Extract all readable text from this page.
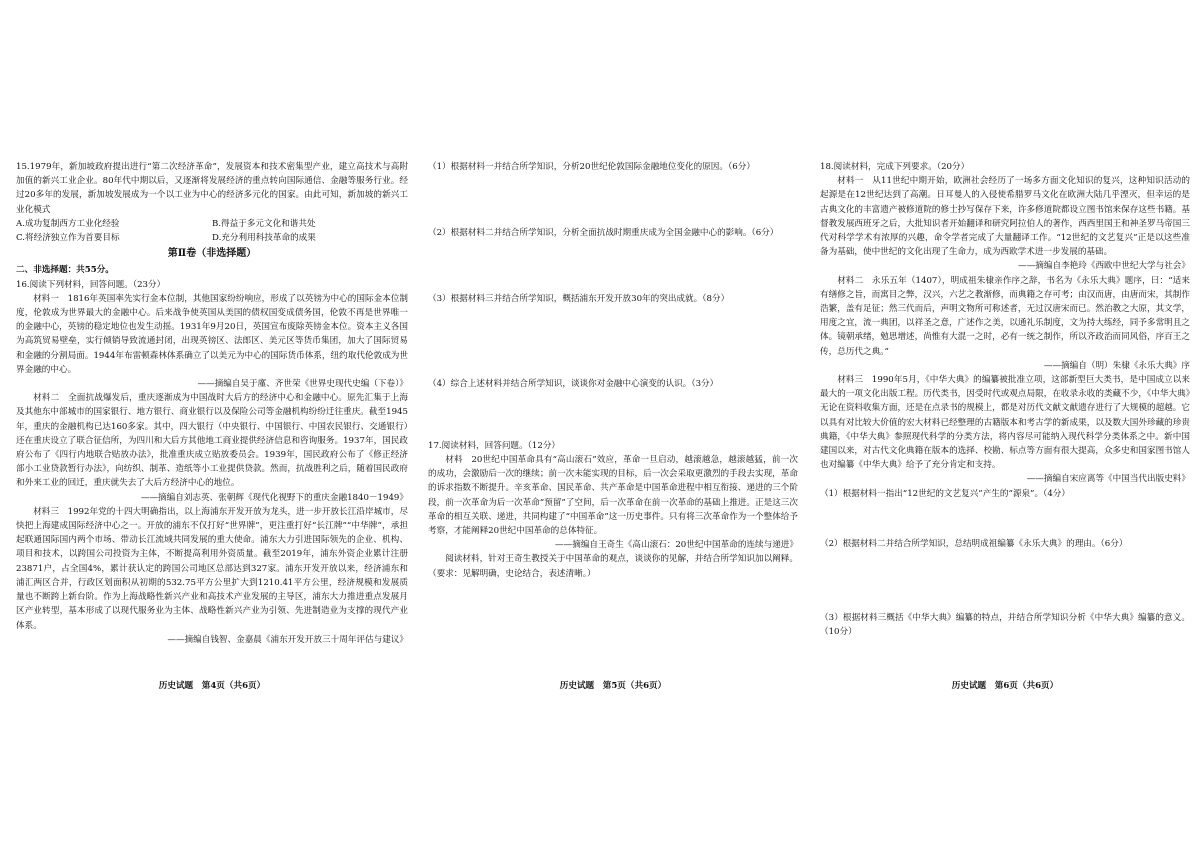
15.1979年，新加坡政府提出进行“第二次经济革命”，发展资本和技术密集型产业，建立高技术与高附加值的新兴工业企业。80年代中期以后，又逐渐将发展经济的重点转向国际通信、金融等服务行业。经过20多年的发展，新加坡发展成为一个以工业为中心的经济多元化的国家。由此可知，新加坡的新兴工业化模式

A.成功复制西方工业化经验	B.得益于多元文化和谐共处
C.将经济独立作为首要目标	D.充分利用科技革命的成果
第Ⅱ卷（非选择题）

二、非选择题：共55分。

16.阅读下列材料，回答问题。（23分）

材料一　1816年英国率先实行金本位制，其他国家纷纷响应，形成了以英镑为中心的国际金本位制度，伦敦成为世界最大的金融中心。后来战争使英国从美国的债权国变成债务国，伦敦不再是世界唯一的金融中心，英镑的稳定地位也发生动摇。1931年9月20日，英国宣布废除英镑金本位。资本主义各国为高筑贸易壁垒，实行倾销导致流通封闭，出现英镑区、法郎区、美元区等货币集团，加大了国际贸易和金融的分割局面。1944年布雷顿森林体系确立了以美元为中心的国际货币体系，纽约取代伦敦成为世界金融的中心。

——摘编自吴于廑、齐世荣《世界史现代史编（下卷）》

材料二　全面抗战爆发后，重庆逐渐成为中国战时大后方的经济中心和金融中心。原先汇集于上海及其他东中部城市的国家银行、地方银行、商业银行以及保险公司等金融机构纷纷迁往重庆。截至1945年，重庆的金融机构已达160多家。其中，四大银行（中央银行、中国银行、中国农民银行、交通银行）还在重庆设立了联合征信所，为四川和大后方其他地工商业提供经济信息和咨询服务。1937年，国民政府公布了《四行内地联合贴放办法》，批准重庆成立贴放委员会。1939年，国民政府公布了《修正经济部小工业贷款暂行办法》，向纺织、制革、造纸等小工业提供贷款。然而，抗战胜利之后，随着国民政府和外来工业的回迁，重庆就失去了大后方经济中心的地位。

——摘编自刘志英、张朝辉《现代化视野下的重庆金融1840－1949》

材料三　1992年党的十四大明确指出，以上海浦东开发开放为龙头，进一步开放长江沿岸城市，尽快把上海建成国际经济中心之一。开放的浦东不仅打好“世界牌”，更注重打好“长江牌”“中华牌”，承担起联通国际国内两个市场、带动长江流域共同发展的重大使命。浦东大力引进国际领先的企业、机构、项目和技术，以跨国公司投资为主体，不断提高利用外资质量。截至2019年，浦东外资企业累计注册23871户，占全国4%，累计获认定的跨国公司地区总部达到327家。浦东开发开放以来，经济浦东和浦汇两区合并，行政区划面积从初期的532.75平方公里扩大到1210.41平方公里，经济规模和发展质量也不断跨上新台阶。作为上海战略性新兴产业和高技术产业发展的主导区，浦东大力推进重点发展月区产业转型，基本形成了以现代服务业为主体、战略性新兴产业为引领、先进制造业为支撑的现代产业体系。

——摘编自钱智、金嘉晨《浦东开发开放三十周年评估与建议》

（1）根据材料一并结合所学知识，分析20世纪伦敦国际金融地位变化的原因。（6分）

（2）根据材料二并结合所学知识，分析全面抗战时期重庆成为全国金融中心的影响。（6分）

（3）根据材料三并结合所学知识，概括浦东开发开放30年的突出成就。（8分）

（4）综合上述材料并结合所学知识，谈谈你对金融中心演变的认识。（3分）

17.阅读材料，回答问题。（12分）

材料　20世纪中国革命具有“高山滚石”效应，革命一旦启动，越滚越急，越滚越猛，前一次的成功，会激励后一次的继续；前一次未能实现的目标，后一次会采取更激烈的手段去实现，革命的诉求指数不断提升。辛亥革命、国民革命、共产革命是中国革命进程中相互衔接、递进的三个阶段，前一次革命为后一次革命“预留”了空间，后一次革命在前一次革命的基础上推进。正是这三次革命的相互关联、递进，共同构建了“中国革命”这一历史事件。只有将三次革命作为一个整体给予考察，才能阐释20世纪中国革命的总体特征。

——摘编自王奇生《高山滚石：20世纪中国革命的连续与递进》

阅读材料，针对王奇生教授关于中国革命的观点，谈谈你的见解，并结合所学知识加以阐释。（要求：见解明确，史论结合，表述清晰。）

18.阅读材料，完成下列要求。（20分）

材料一　从11世纪中期开始，欧洲社会经历了一场多方面文化知识的复兴，这种知识活动的起源是在12世纪达到了高潮。日耳曼人的入侵使希腊罗马文化在欧洲大陆几乎湮灭，但幸运的是古典文化的丰富遗产被修道院的修士抄写保存下来，许多修道院都设立图书馆来保存这些书籍。基督教发展西班牙之后，大批知识者开始翻译和研究阿拉伯人的著作，西西里国王和神圣罗马帝国三代对科学学术有浓厚的兴趣，命令学者完成了大量翻译工作。“12世纪的文艺复兴”正是以这些准备为基础，使中世纪的文化出现了生命力，成为西欧学术进一步发展的基础。

——摘编自李艳玲《西欧中世纪大学与社会》

材料二　永乐五年（1407），明成祖朱棣亲作序之辞，书名为《永乐大典》题序，曰：“适来有缮修之旨，而寓目之弊，汉兴，六艺之教渐修，而典籍之存可考；由汉而唐，由唐而宋，其制作浩繁，盖有足征；然三代而后，声明文物所可称述者，无过汉唐宋而已。然治教之大原，其文学，用度之宜，流一典团，以祥圣之意，广述作之美，以通礼乐制度，文为持大练经，同予多常明且之体。镜朝承绪，勉思增述，尚惟有大混一之时，必有一统之制作，所以齐政治而同风俗，序百王之传，总历代之典。”

——摘编自（明）朱棣《永乐大典》序

材料三　1990年5月，《中华大典》的编纂被批准立项，这部新型巨大类书，是中国成立以来最大的一项文化出版工程。历代类书，因受时代或观点局限，在收录永收的类藏不少，《中华大典》无论在资料收集方面，还是在点录书的规模上，都是对历代文献文献遗存进行了大规模的超越。它以具有对比较大价值的宏大材料已经整理的古籍版本和考古学的新成果，以及数大国外珍藏的珍贵典籍，《中华大典》参照现代科学的分类方法，将内容尽可能纳入现代科学分类体系之中。新中国建国以来，对古代文化典籍在版本的选择、校勘、标点等方面有很大提高，众多史和国家图书馆人也对编纂《中华大典》给予了充分肯定和支持。

——摘编自宋应离等《中国当代出版史料》

（1）根据材料一指出“12世纪的文艺复兴”产生的“源泉”。（4分）

（2）根据材料二并结合所学知识，总结明成祖编纂《永乐大典》的理由。（6分）

（3）根据材料三概括《中华大典》编纂的特点，并结合所学知识分析《中华大典》编纂的意义。（10分）

历史试题　第4页（共6页）	历史试题　第5页（共6页）	历史试题　第6页（共6页）
